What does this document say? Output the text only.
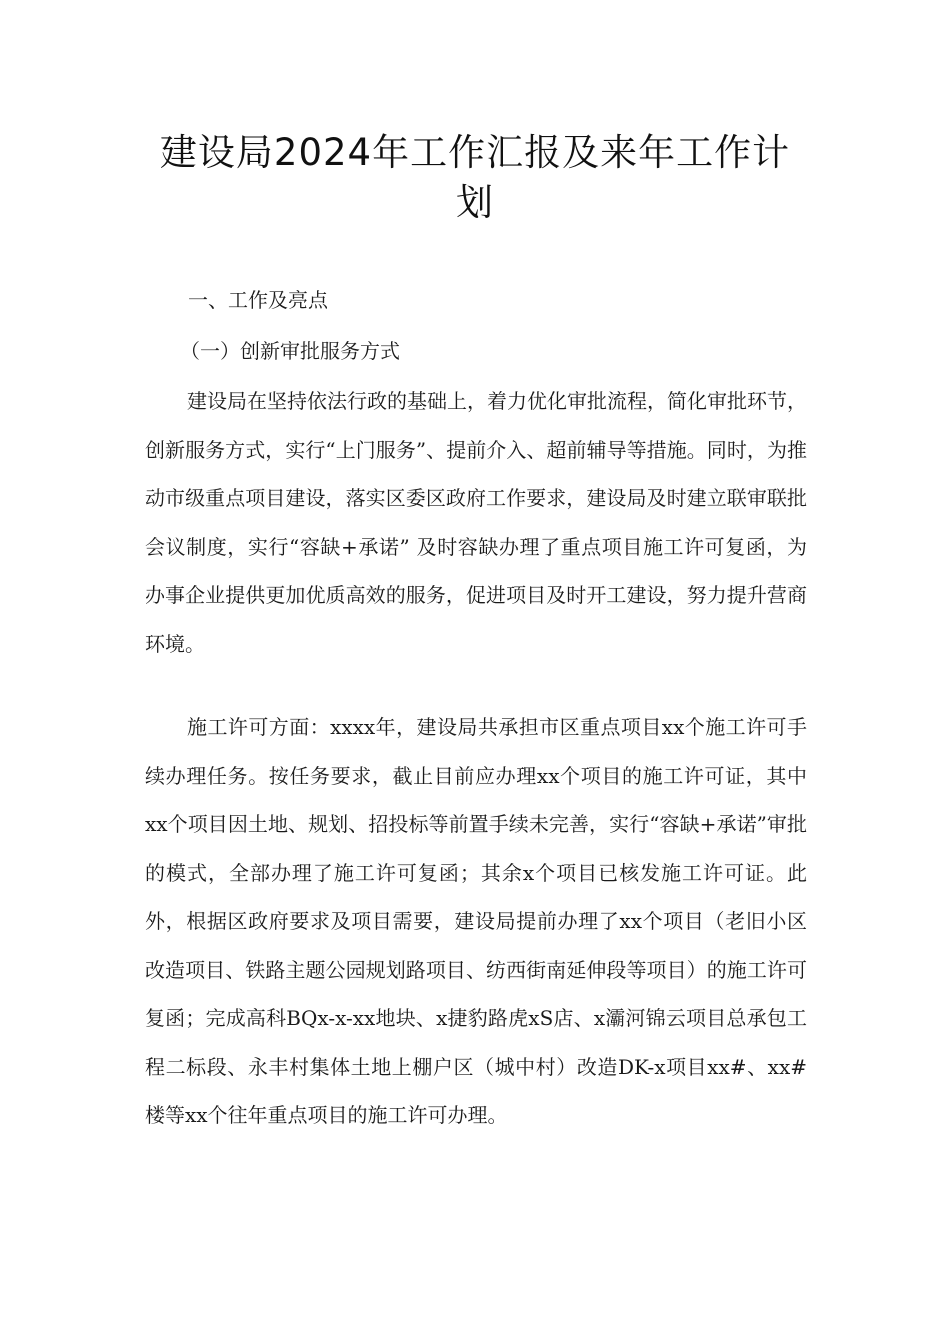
建设局2024年工作汇报及来年工作计划
一、工作及亮点
（一）创新审批服务方式

建设局在坚持依法行政的基础上，着力优化审批流程，简化审批环节，创新服务方式，实行“上门服务”、提前介入、超前辅导等措施。同时，为推动市级重点项目建设，落实区委区政府工作要求，建设局及时建立联审联批会议制度，实行“容缺+承诺” 及时容缺办理了重点项目施工许可复函，为办事企业提供更加优质高效的服务，促进项目及时开工建设，努力提升营商环境。

施工许可方面：xxxx年，建设局共承担市区重点项目xx个施工许可手续办理任务。按任务要求，截止目前应办理xx个项目的施工许可证，其中xx个项目因土地、规划、招投标等前置手续未完善，实行“容缺+承诺”审批的模式，全部办理了施工许可复函；其余x个项目已核发施工许可证。此外，根据区政府要求及项目需要，建设局提前办理了xx个项目（老旧小区改造项目、铁路主题公园规划路项目、纺西街南延伸段等项目）的施工许可复函；完成高科BQx-x-xx地块、x捷豹路虎xS店、x灞河锦云项目总承包工程二标段、永丰村集体土地上棚户区（城中村）改造DK-x项目xx#、xx#楼等xx个往年重点项目的施工许可办理。
